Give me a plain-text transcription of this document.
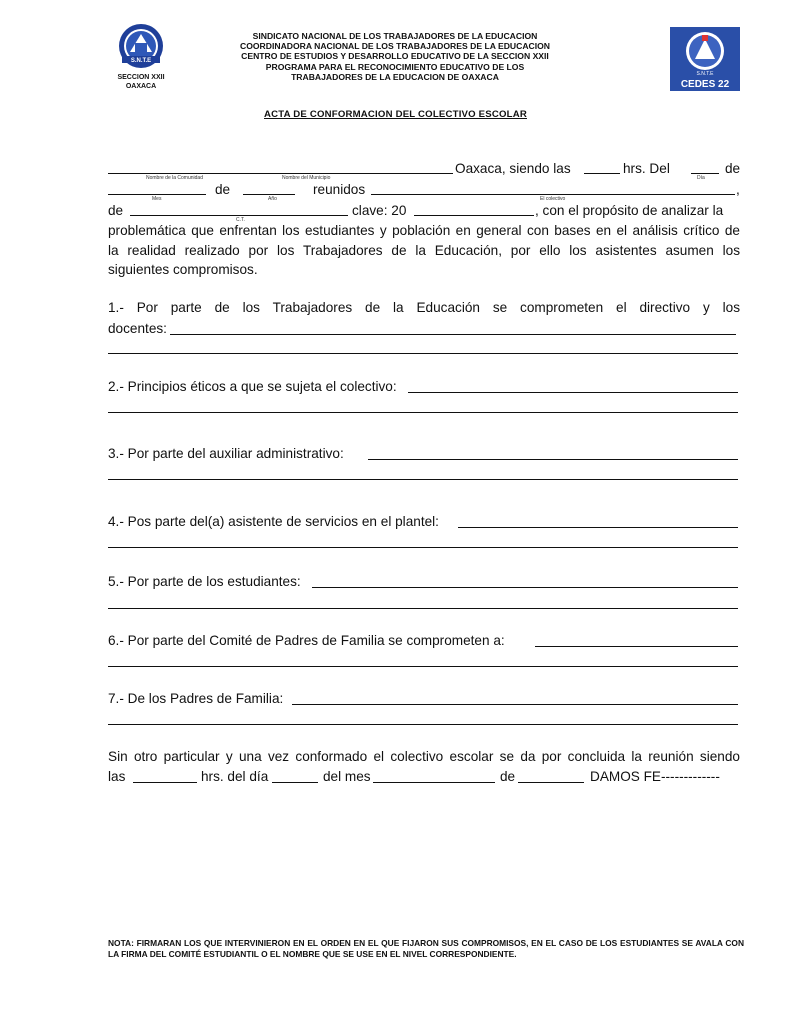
S.N.T.E
SECCION XXII
OAXACA
SINDICATO NACIONAL DE LOS TRABAJADORES DE LA EDUCACION
COORDINADORA NACIONAL DE LOS TRABAJADORES DE LA EDUCACION
CENTRO DE ESTUDIOS Y DESARROLLO EDUCATIVO DE LA SECCION XXII
PROGRAMA PARA EL RECONOCIMIENTO EDUCATIVO DE LOS
TRABAJADORES DE LA EDUCACION DE OAXACA	S.N.T.E
CEDES 22
ACTA DE CONFORMACION DEL COLECTIVO ESCOLAR
Nombre de la Comunidad	Nombre del Municipio
Oaxaca, siendo las	hrs. Del
Día
de
Mes
de
Año
reunidos
El colectivo
,
de
C.T.
clave: 20	, con el propósito de analizar la
problemática que enfrentan los estudiantes y población en general con bases en el análisis crítico de
la realidad realizado por los Trabajadores de la Educación, por ello los asistentes asumen los
siguientes compromisos.
1.- Por parte de los Trabajadores de la Educación se comprometen el directivo y los
docentes:
2.- Principios éticos a que se sujeta el colectivo:
3.- Por parte del auxiliar administrativo:
4.- Pos parte del(a) asistente de servicios en el plantel:
5.- Por parte de los estudiantes:
6.- Por parte del Comité de Padres de Familia se comprometen a:
7.- De los Padres de Familia:
Sin otro particular y una vez conformado el colectivo escolar se da por concluida la reunión siendo
las	hrs. del día	del mes	de	DAMOS FE-------------
NOTA: FIRMARAN LOS QUE INTERVINIERON EN EL ORDEN EN EL QUE FIJARON SUS COMPROMISOS, EN EL CASO DE LOS ESTUDIANTES SE AVALA CON LA FIRMA DEL COMITÉ ESTUDIANTIL O EL NOMBRE QUE SE USE EN EL NIVEL CORRESPONDIENTE.
